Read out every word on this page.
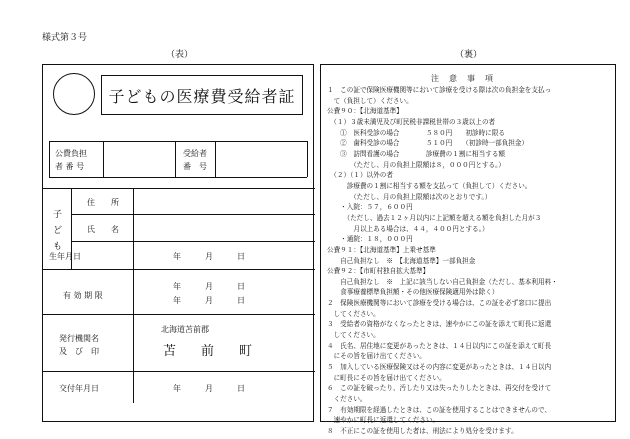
様式第３号
（表）	（裏）
子どもの医療費受給者証
公費負担
者 番 号
受給者
番　号
子
ど
も
住　　所
氏　　名
生年月日	年　　　月　　　日
有 効 期 限
年　　　月　　　日
年　　　月　　　日
発行機関名
及　び　印
北海道苫前郡
苫　前　町
交付年月日	年　　　月　　　日
注　意　事　項
１　この証で保険医療機関等において診療を受ける際は次の負担金を支払っ
　て（負担して）ください。
公費９０：【北海道基準】
　（１）３歳未満児及び町民税非課税世帯の３歳以上の者
　　①　医科受診の場合　　　　５８０円　　初診時に限る
　　②　歯科受診の場合　　　　５１０円　　（初診時一部負担金）
　　③　訪問看護の場合　　　　診療費の１割に相当する額
　　　　（ただし、月の負担上限額は８，０００円とする。）
　（２）（１）以外の者
　　　診療費の１割に相当する額を支払って（負担して）ください。
　　　　（ただし、月の負担上限額は次のとおりです。）
　　・入院：５７，６００円
　　　（ただし、過去１２ヶ月以内に上記額を超える額を負担した月が３
　　　　月以上ある場合は、４４，４００円とする。）
　　・通院：１８，０００円
公費９１：【北海道基準】上乗せ基準
　　自己負担なし　※　【北海道基準】一部負担金
公費９２：【市町村独自拡大基準】
　　自己負担なし　※　上記に該当しない自己負担金（ただし、基本利用料・
　　食事療養標準負担額・その他医療保険適用外は除く）
２　保険医療機関等において診療を受ける場合は、この証を必ず窓口に提出
　してください。
３　受給者の資格がなくなったときは、速やかにこの証を添えて町長に返還
　してください。
４　氏名、居住地に変更があったときは、１４日以内にこの証を添えて町長
　にその旨を届け出てください。
５　加入している医療保険又はその内容に変更があったときは、１４日以内
　に町長にその旨を届け出てください。
６　この証を破ったり、汚したり又は失ったりしたときは、再交付を受けて
　ください。
７　有効期限を経過したときは、この証を使用することはできませんので、
　速やかに町長に返還してください。
８　不正にこの証を使用した者は、刑法により処分を受けます。
